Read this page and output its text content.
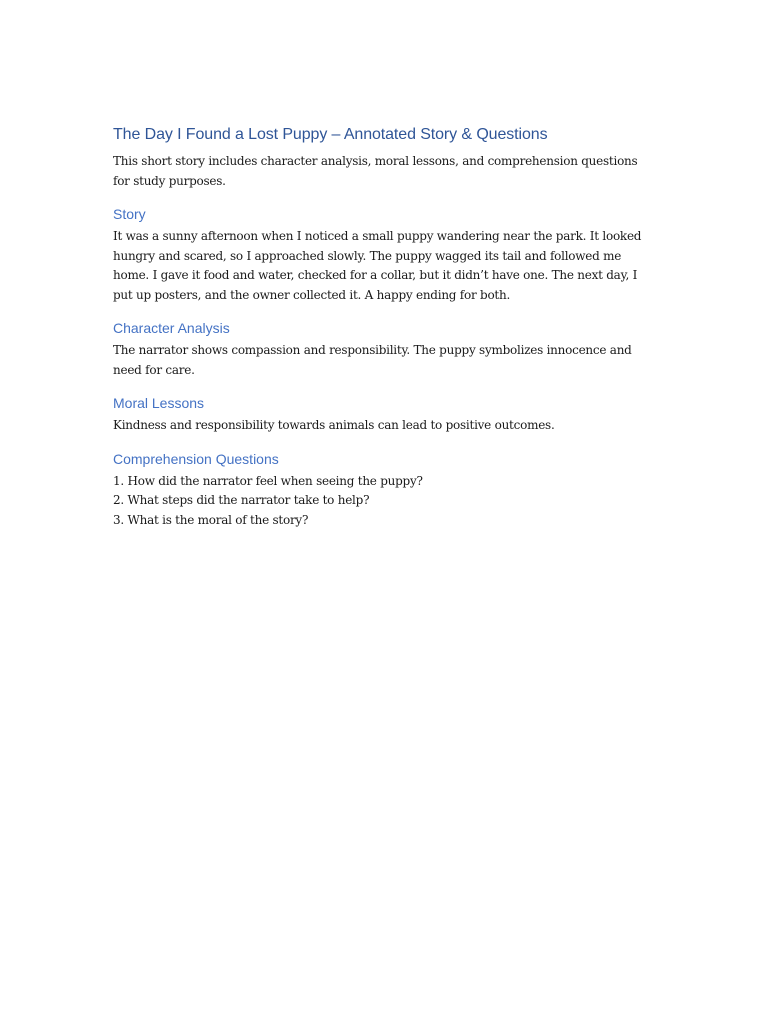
The Day I Found a Lost Puppy – Annotated Story & Questions

This short story includes character analysis, moral lessons, and comprehension questions for study purposes.

Story

It was a sunny afternoon when I noticed a small puppy wandering near the park. It looked hungry and scared, so I approached slowly. The puppy wagged its tail and followed me home. I gave it food and water, checked for a collar, but it didn’t have one. The next day, I put up posters, and the owner collected it. A happy ending for both.

Character Analysis

The narrator shows compassion and responsibility. The puppy symbolizes innocence and need for care.

Moral Lessons

Kindness and responsibility towards animals can lead to positive outcomes.

Comprehension Questions
1. How did the narrator feel when seeing the puppy?
2. What steps did the narrator take to help?
3. What is the moral of the story?
